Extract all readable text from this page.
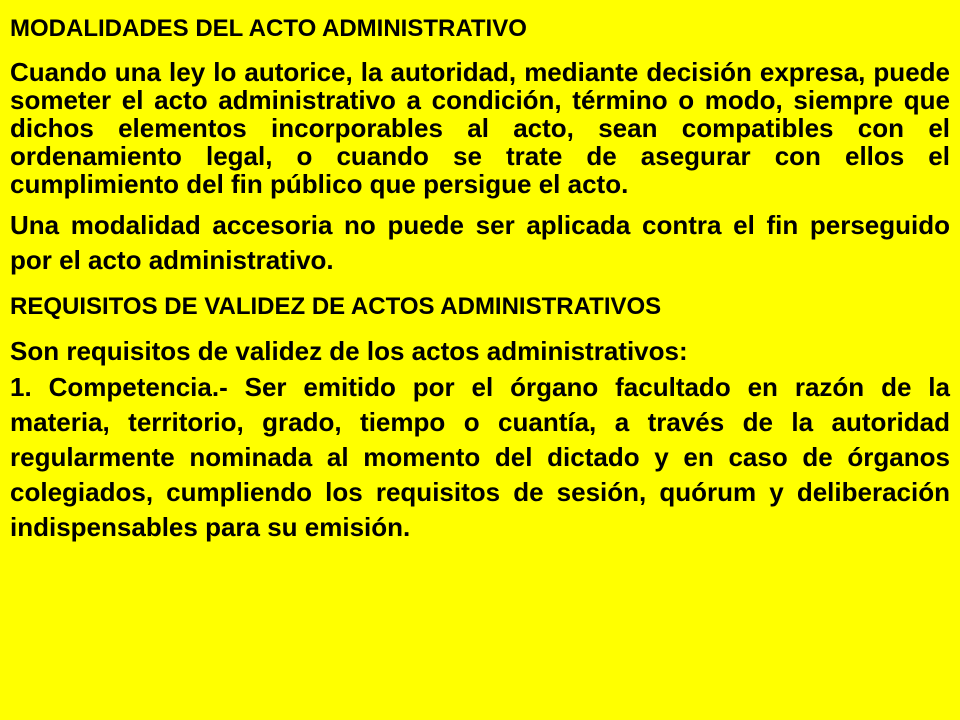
MODALIDADES DEL ACTO ADMINISTRATIVO

Cuando una ley lo autorice, la autoridad, mediante decisión expresa, puede someter el acto administrativo a condición, término o modo, siempre que dichos elementos incorporables al acto, sean compatibles con el ordenamiento legal, o cuando se trate de asegurar con ellos el cumplimiento del fin público que persigue el acto.

Una modalidad accesoria no puede ser aplicada contra el fin perseguido por el acto administrativo.

REQUISITOS DE VALIDEZ DE ACTOS ADMINISTRATIVOS

Son requisitos de validez de los actos administrativos:

1. Competencia.- Ser emitido por el órgano facultado en razón de la materia, territorio, grado, tiempo o cuantía, a través de la autoridad regularmente nominada al momento del dictado y en caso de órganos colegiados, cumpliendo los requisitos de sesión, quórum y deliberación indispensables para su emisión.
